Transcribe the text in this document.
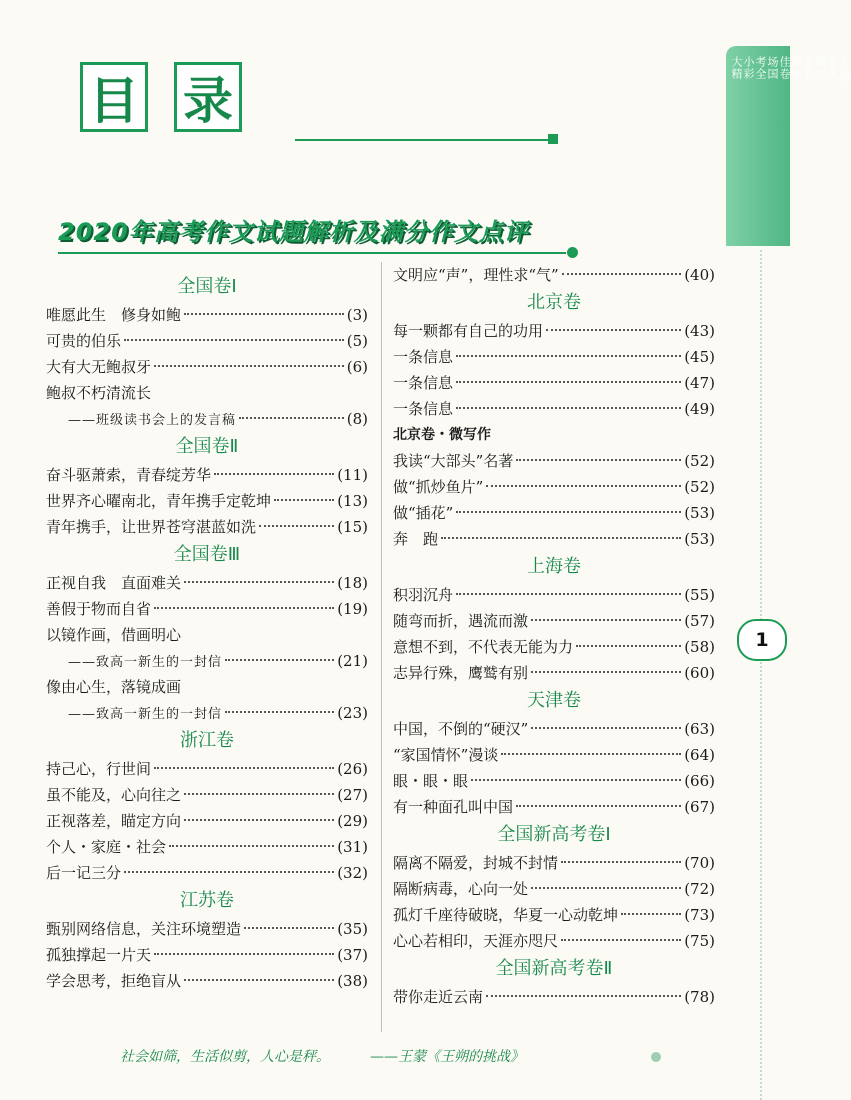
目 录
2020年高考作文试题解析及满分作文点评
大精 小彩 考全 场国 佳卷 作Ⅲ 全北 国京 卷天 Ⅰ津
1
全国卷Ⅰ
唯愿此生　修身如鲍	(3)
可贵的伯乐	(5)
大有大无鲍叔牙	(6)
鲍叔不朽清流长
——班级读书会上的发言稿	(8)
全国卷Ⅱ
奋斗驱萧索，青春绽芳华	(11)
世界齐心曜南北，青年携手定乾坤	(13)
青年携手，让世界苍穹湛蓝如洗	(15)
全国卷Ⅲ
正视自我　直面难关	(18)
善假于物而自省	(19)
以镜作画，借画明心
——致高一新生的一封信	(21)
像由心生，落镜成画
——致高一新生的一封信	(23)
浙江卷
持己心，行世间	(26)
虽不能及，心向往之	(27)
正视落差，瞄定方向	(29)
个人・家庭・社会	(31)
后一记三分	(32)
江苏卷
甄别网络信息，关注环境塑造	(35)
孤独撑起一片天	(37)
学会思考，拒绝盲从	(38)
文明应“声”，理性求“气”	(40)
北京卷
每一颗都有自己的功用	(43)
一条信息	(45)
一条信息	(47)
一条信息	(49)
北京卷・微写作
我读“大部头”名著	(52)
做“抓炒鱼片”	(52)
做“插花”	(53)
奔　跑	(53)
上海卷
积羽沉舟	(55)
随弯而折，遇流而激	(57)
意想不到，不代表无能为力	(58)
志异行殊，鹰鹫有别	(60)
天津卷
中国，不倒的“硬汉”	(63)
“家国情怀”漫谈	(64)
眼・眼・眼	(66)
有一种面孔叫中国	(67)
全国新高考卷Ⅰ
隔离不隔爱，封城不封情	(70)
隔断病毒，心向一处	(72)
孤灯千座待破晓，华夏一心动乾坤	(73)
心心若相印，天涯亦咫尺	(75)
全国新高考卷Ⅱ
带你走近云南	(78)
社会如筛，生活似剪，人心是秤。	——王蒙《王朔的挑战》
